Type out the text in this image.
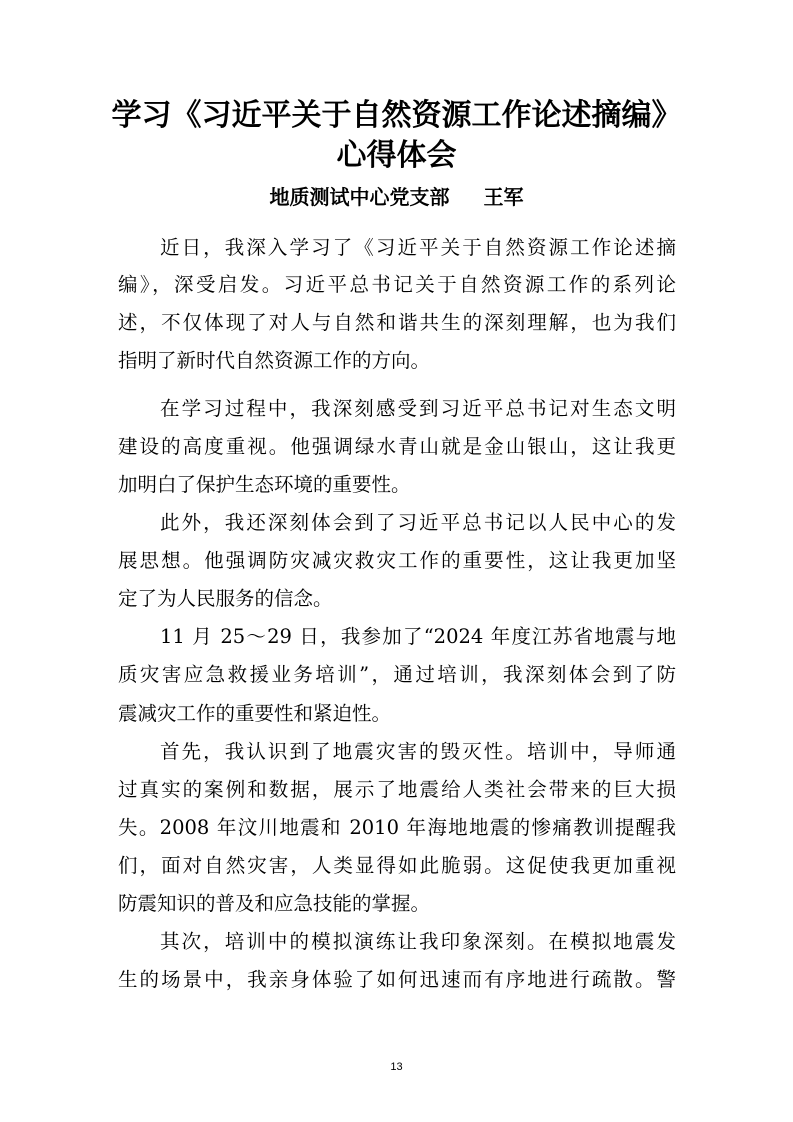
学习《习近平关于自然资源工作论述摘编》
心得体会
地质测试中心党支部 王军
近日，我深入学习了《习近平关于自然资源工作论述摘
编》，深受启发。习近平总书记关于自然资源工作的系列论
述，不仅体现了对人与自然和谐共生的深刻理解，也为我们
指明了新时代自然资源工作的方向。
在学习过程中，我深刻感受到习近平总书记对生态文明
建设的高度重视。他强调绿水青山就是金山银山，这让我更
加明白了保护生态环境的重要性。
此外，我还深刻体会到了习近平总书记以人民中心的发
展思想。他强调防灾减灾救灾工作的重要性，这让我更加坚
定了为人民服务的信念。
11 月 25～29 日，我参加了“2024 年度江苏省地震与地
质灾害应急救援业务培训”，通过培训，我深刻体会到了防
震减灾工作的重要性和紧迫性。
首先，我认识到了地震灾害的毁灭性。培训中，导师通
过真实的案例和数据，展示了地震给人类社会带来的巨大损
失。2008 年汶川地震和 2010 年海地地震的惨痛教训提醒我
们，面对自然灾害，人类显得如此脆弱。这促使我更加重视
防震知识的普及和应急技能的掌握。
其次，培训中的模拟演练让我印象深刻。在模拟地震发
生的场景中，我亲身体验了如何迅速而有序地进行疏散。警
13
